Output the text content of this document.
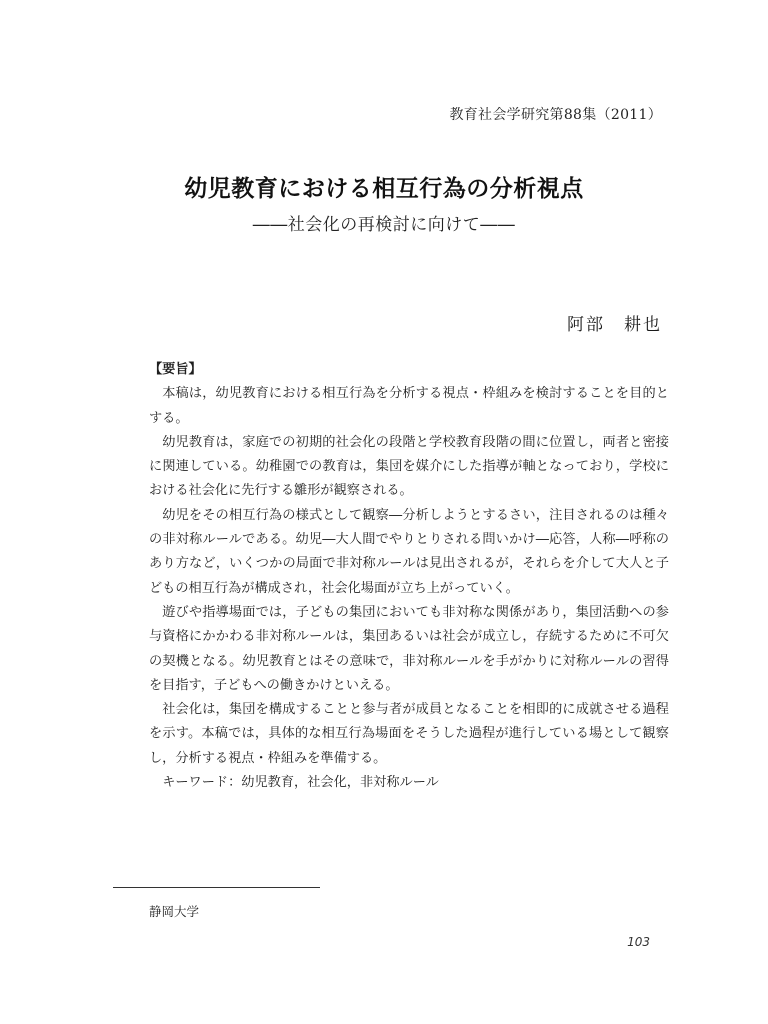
教育社会学研究第88集（2011）
幼児教育における相互行為の分析視点
――社会化の再検討に向けて――
阿部　耕也
【要旨】

本稿は，幼児教育における相互行為を分析する視点・枠組みを検討することを目的とする。

幼児教育は，家庭での初期的社会化の段階と学校教育段階の間に位置し，両者と密接に関連している。幼稚園での教育は，集団を媒介にした指導が軸となっており，学校における社会化に先行する雛形が観察される。

幼児をその相互行為の様式として観察―分析しようとするさい，注目されるのは種々の非対称ルールである。幼児―大人間でやりとりされる問いかけ―応答，人称―呼称のあり方など，いくつかの局面で非対称ルールは見出されるが，それらを介して大人と子どもの相互行為が構成され，社会化場面が立ち上がっていく。

遊びや指導場面では，子どもの集団においても非対称な関係があり，集団活動への参与資格にかかわる非対称ルールは，集団あるいは社会が成立し，存続するために不可欠の契機となる。幼児教育とはその意味で，非対称ルールを手がかりに対称ルールの習得を目指す，子どもへの働きかけといえる。

社会化は，集団を構成することと参与者が成員となることを相即的に成就させる過程を示す。本稿では，具体的な相互行為場面をそうした過程が進行している場として観察し，分析する視点・枠組みを準備する。

キーワード：幼児教育，社会化，非対称ルール
静岡大学
103
